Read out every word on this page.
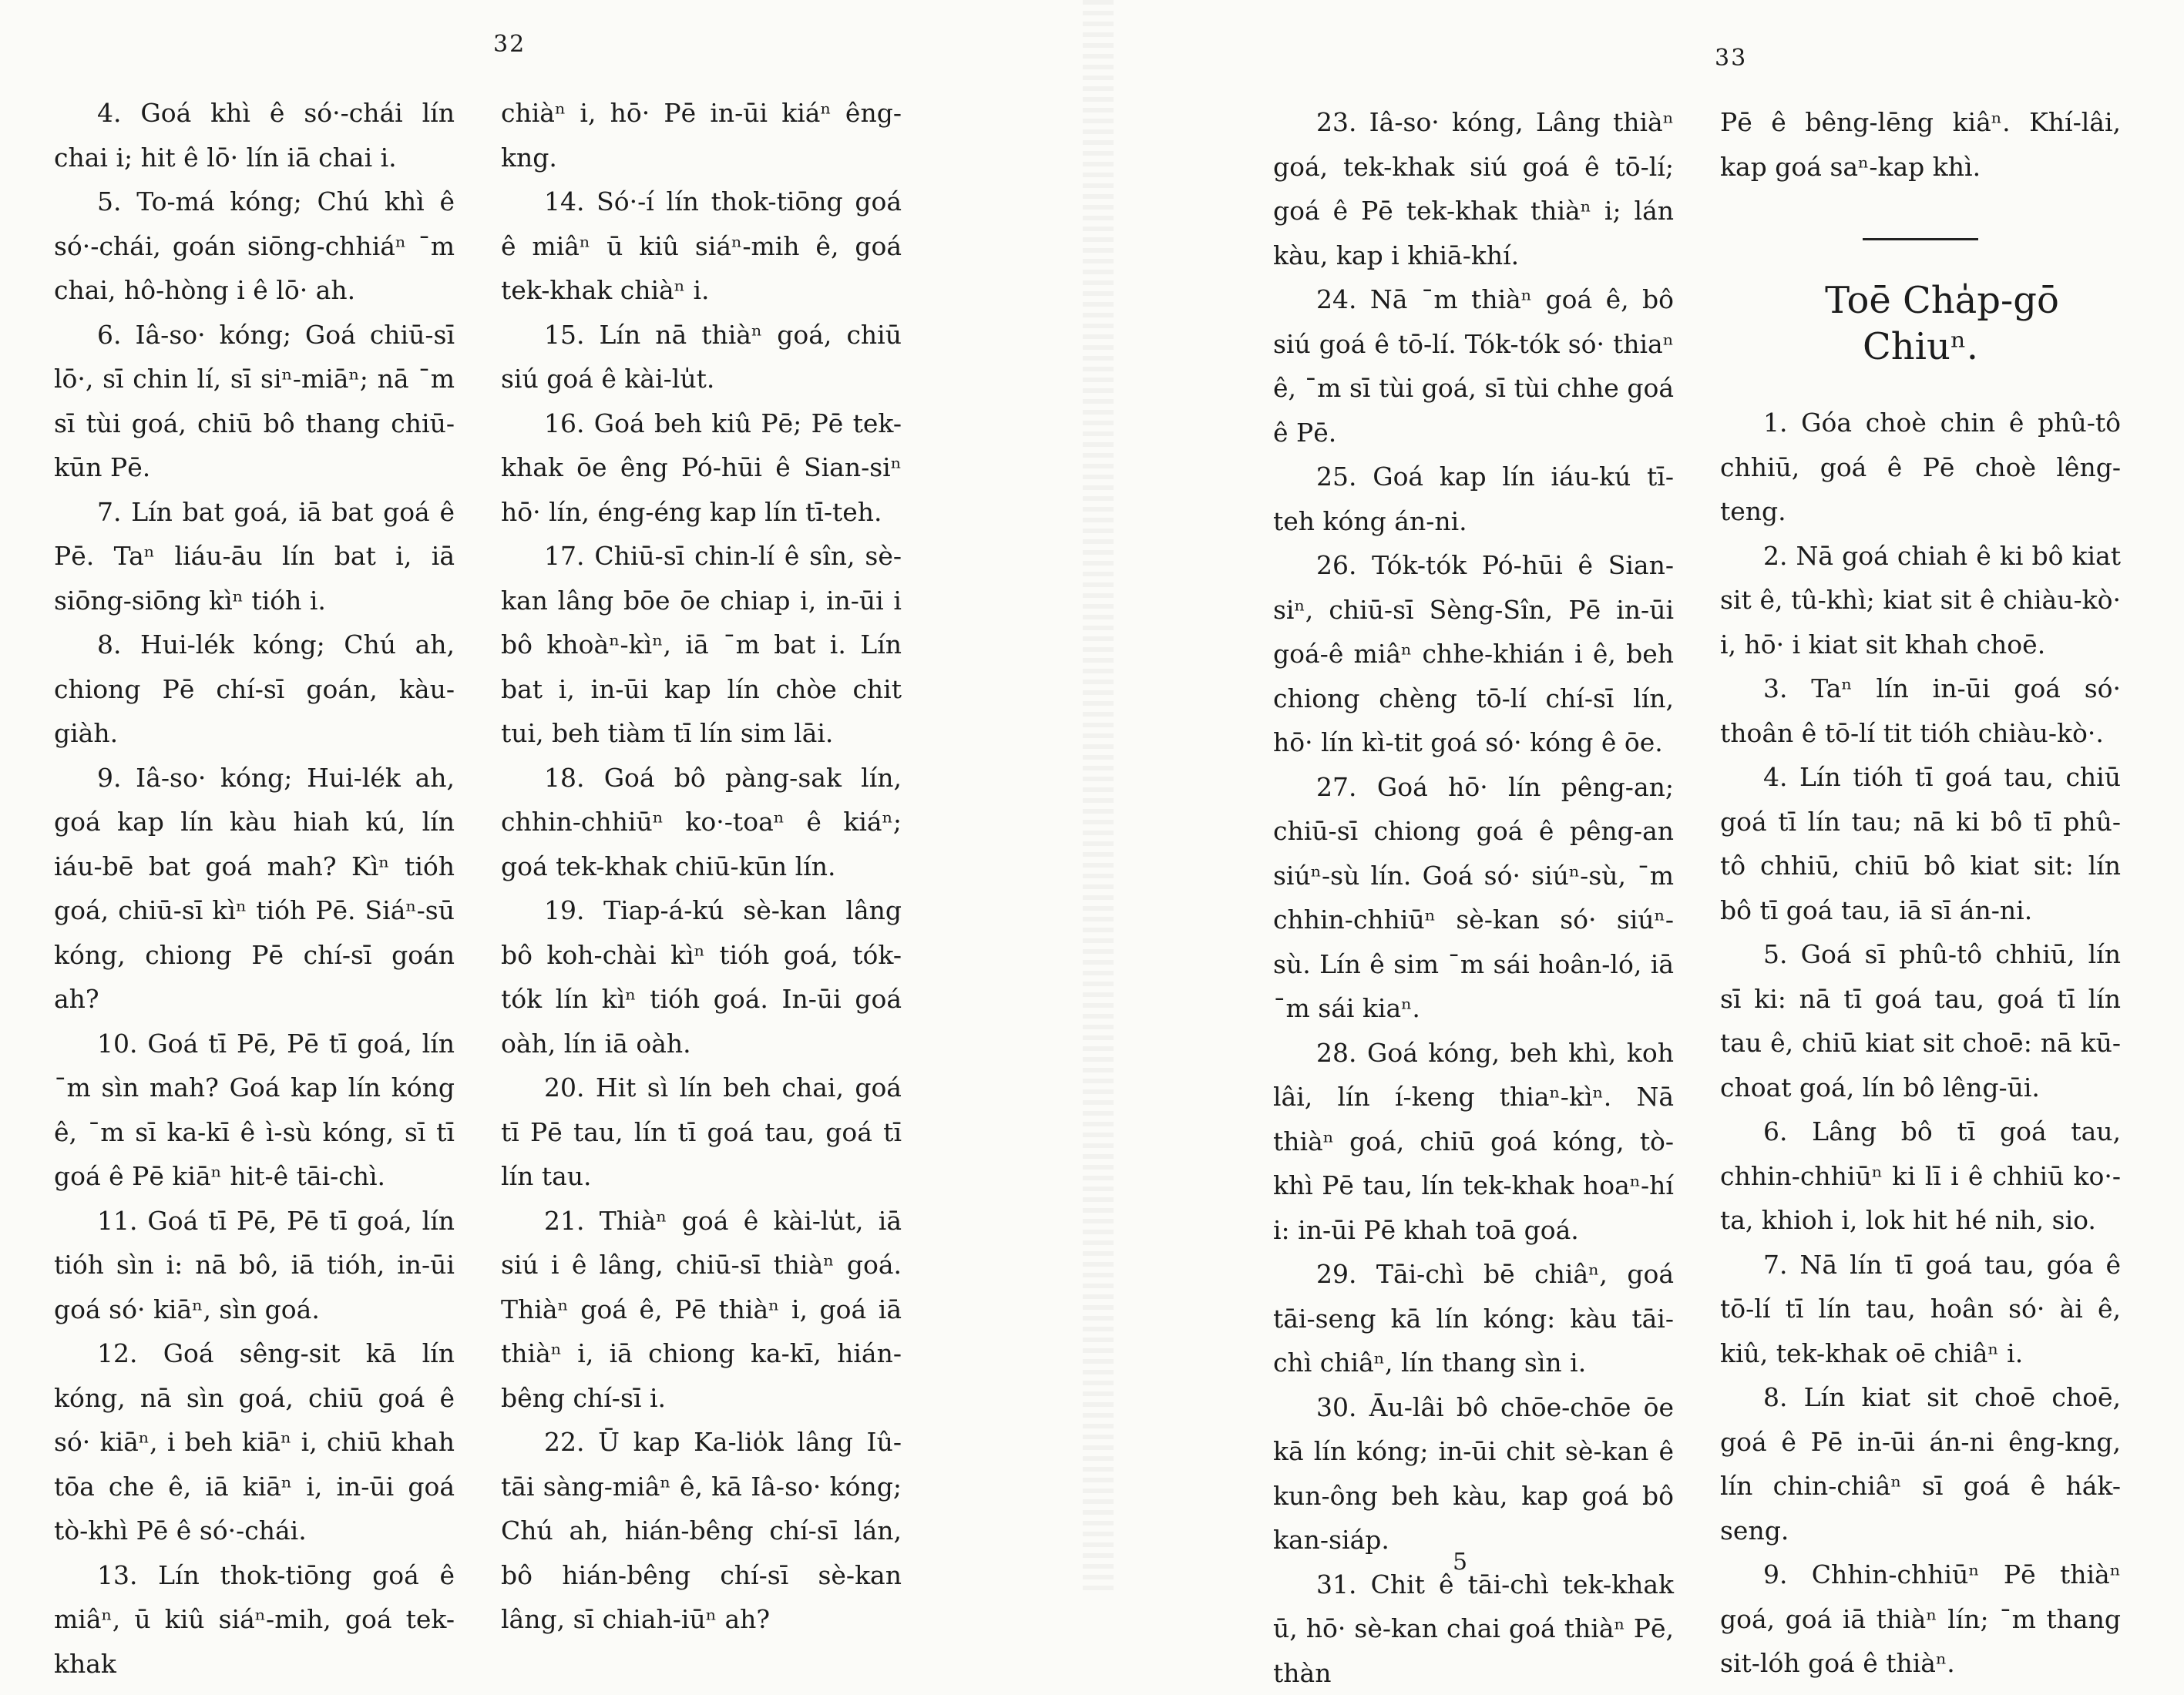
32

4. Goá khì ê só·-chái lín chai i; hit ê lō· lín iā chai i.

5. To-má kóng; Chú khì ê só·-chái, goán siōng-chhiáⁿ ˉm chai, hô-hòng i ê lō· ah.

6. Iâ-so· kóng; Goá chiū-sī lō·, sī chin lí, sī siⁿ-miāⁿ; nā ˉm sī tùi goá, chiū bô thang chiū-kūn Pē.

7. Lín bat goá, iā bat goá ê Pē. Taⁿ liáu-āu lín bat i, iā siōng-siōng kìⁿ tióh i.

8. Hui-lék kóng; Chú ah, chiong Pē chí-sī goán, kàu-giàh.

9. Iâ-so· kóng; Hui-lék ah, goá kap lín kàu hiah kú, lín iáu-bē bat goá mah? Kìⁿ tióh goá, chiū-sī kìⁿ tióh Pē. Siáⁿ-sū kóng, chiong Pē chí-sī goán ah?

10. Goá tī Pē, Pē tī goá, lín ˉm sìn mah? Goá kap lín kóng ê, ˉm sī ka-kī ê ì-sù kóng, sī tī goá ê Pē kiāⁿ hit-ê tāi-chì.

11. Goá tī Pē, Pē tī goá, lín tióh sìn i: nā bô, iā tióh, in-ūi goá só· kiāⁿ, sìn goá.

12. Goá sêng-sit kā lín kóng, nā sìn goá, chiū goá ê só· kiāⁿ, i beh kiāⁿ i, chiū khah tōa che ê, iā kiāⁿ i, in-ūi goá tò-khì Pē ê só·-chái.

13. Lín thok-tiōng goá ê miâⁿ, ū kiû siáⁿ-mih, goá tek-khak

chiàⁿ i, hō· Pē in-ūi kiáⁿ êng-kng.

14. Só·-í lín thok-tiōng goá ê miâⁿ ū kiû siáⁿ-mih ê, goá tek-khak chiàⁿ i.

15. Lín nā thiàⁿ goá, chiū siú goá ê kài-lu̍t.

16. Goá beh kiû Pē; Pē tek-khak ōe êng Pó-hūi ê Sian-siⁿ hō· lín, éng-éng kap lín tī-teh.

17. Chiū-sī chin-lí ê sîn, sè-kan lâng bōe ōe chiap i, in-ūi i bô khoàⁿ-kìⁿ, iā ˉm bat i. Lín bat i, in-ūi kap lín chòe chit tui, beh tiàm tī lín sim lāi.

18. Goá bô pàng-sak lín, chhin-chhiūⁿ ko·-toaⁿ ê kiáⁿ; goá tek-khak chiū-kūn lín.

19. Tiap-á-kú sè-kan lâng bô koh-chài kìⁿ tióh goá, tók-tók lín kìⁿ tióh goá. In-ūi goá oàh, lín iā oàh.

20. Hit sì lín beh chai, goá tī Pē tau, lín tī goá tau, goá tī lín tau.

21. Thiàⁿ goá ê kài-lu̍t, iā siú i ê lâng, chiū-sī thiàⁿ goá. Thiàⁿ goá ê, Pē thiàⁿ i, goá iā thiàⁿ i, iā chiong ka-kī, hián-bêng chí-sī i.

22. Ū kap Ka-lio̍k lâng Iû-tāi sàng-miâⁿ ê, kā Iâ-so· kóng; Chú ah, hián-bêng chí-sī lán, bô hián-bêng chí-sī sè-kan lâng, sī chiah-iūⁿ ah?

33

23. Iâ-so· kóng, Lâng thiàⁿ goá, tek-khak siú goá ê tō-lí; goá ê Pē tek-khak thiàⁿ i; lán kàu, kap i khiā-khí.

24. Nā ˉm thiàⁿ goá ê, bô siú goá ê tō-lí. Tók-tók só· thiaⁿ ê, ˉm sī tùi goá, sī tùi chhe goá ê Pē.

25. Goá kap lín iáu-kú tī-teh kóng án-ni.

26. Tók-tók Pó-hūi ê Sian-siⁿ, chiū-sī Sèng-Sîn, Pē in-ūi goá-ê miâⁿ chhe-khián i ê, beh chiong chèng tō-lí chí-sī lín, hō· lín kì-tit goá só· kóng ê ōe.

27. Goá hō· lín pêng-an; chiū-sī chiong goá ê pêng-an siúⁿ-sù lín. Goá só· siúⁿ-sù, ˉm chhin-chhiūⁿ sè-kan só· siúⁿ-sù. Lín ê sim ˉm sái hoân-ló, iā ˉm sái kiaⁿ.

28. Goá kóng, beh khì, koh lâi, lín í-keng thiaⁿ-kìⁿ. Nā thiàⁿ goá, chiū goá kóng, tò-khì Pē tau, lín tek-khak hoaⁿ-hí i: in-ūi Pē khah toā goá.

29. Tāi-chì bē chiâⁿ, goá tāi-seng kā lín kóng: kàu tāi-chì chiâⁿ, lín thang sìn i.

30. Āu-lâi bô chōe-chōe ōe kā lín kóng; in-ūi chit sè-kan ê kun-ông beh kàu, kap goá bô kan-siáp.

31. Chit ê tāi-chì tek-khak ū, hō· sè-kan chai goá thiàⁿ Pē, thàn

Pē ê bêng-lēng kiâⁿ. Khí-lâi, kap goá saⁿ-kap khì.

Toē Cha̍p-gō Chiuⁿ.

1. Góa choè chin ê phû-tô chhiū, goá ê Pē choè lêng-teng.

2. Nā goá chiah ê ki bô kiat sit ê, tû-khì; kiat sit ê chiàu-kò· i, hō· i kiat sit khah choē.

3. Taⁿ lín in-ūi goá só· thoân ê tō-lí tit tióh chiàu-kò·.

4. Lín tióh tī goá tau, chiū goá tī lín tau; nā ki bô tī phû-tô chhiū, chiū bô kiat sit: lín bô tī goá tau, iā sī án-ni.

5. Goá sī phû-tô chhiū, lín sī ki: nā tī goá tau, goá tī lín tau ê, chiū kiat sit choē: nā kū-choat goá, lín bô lêng-ūi.

6. Lâng bô tī goá tau, chhin-chhiūⁿ ki lī i ê chhiū ko·-ta, khioh i, lok hit hé nih, sio.

7. Nā lín tī goá tau, góa ê tō-lí tī lín tau, hoân só· ài ê, kiû, tek-khak oē chiâⁿ i.

8. Lín kiat sit choē choē, goá ê Pē in-ūi án-ni êng-kng, lín chin-chiâⁿ sī goá ê hák-seng.

9. Chhin-chhiūⁿ Pē thiàⁿ goá, goá iā thiàⁿ lín; ˉm thang sit-lóh goá ê thiàⁿ.

5
